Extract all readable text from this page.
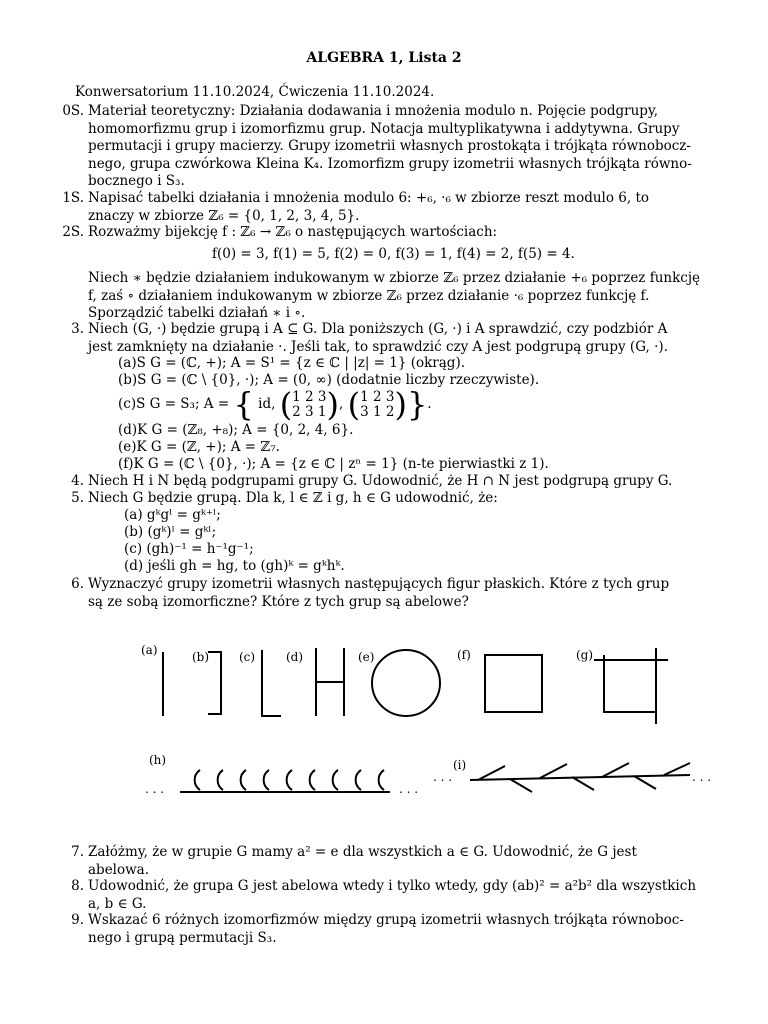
ALGEBRA 1, Lista 2
Konwersatorium 11.10.2024, Ćwiczenia 11.10.2024.
0S. Materiał teoretyczny: Działania dodawania i mnożenia modulo n. Pojęcie podgrupy,
homomorfizmu grup i izomorfizmu grup. Notacja multyplikatywna i addytywna. Grupy
permutacji i grupy macierzy. Grupy izometrii własnych prostokąta i trójkąta równobocz-
nego, grupa czwórkowa Kleina K₄. Izomorfizm grupy izometrii własnych trójkąta równo-
bocznego i S₃.
1S. Napisać tabelki działania i mnożenia modulo 6: +₆, ·₆ w zbiorze reszt modulo 6, to
znaczy w zbiorze ℤ₆ = {0, 1, 2, 3, 4, 5}.
2S. Rozważmy bijekcję f : ℤ₆ → ℤ₆ o następujących wartościach:
f(0) = 3, f(1) = 5, f(2) = 0, f(3) = 1, f(4) = 2, f(5) = 4.
Niech ∗ będzie działaniem indukowanym w zbiorze ℤ₆ przez działanie +₆ poprzez funkcję
f, zaś ∘ działaniem indukowanym w zbiorze ℤ₆ przez działanie ·₆ poprzez funkcję f.
Sporządzić tabelki działań ∗ i ∘.
3. Niech (G, ·) będzie grupą i A ⊆ G. Dla poniższych (G, ·) i A sprawdzić, czy podzbiór A
jest zamknięty na działanie ·. Jeśli tak, to sprawdzić czy A jest podgrupą grupy (G, ·).
(a)S G = (ℂ, +); A = S¹ = {z ∈ ℂ | |z| = 1} (okrąg).
(b)S G = (ℂ \ {0}, ·); A = (0, ∞) (dodatnie liczby rzeczywiste).
(c)S G = S₃; A = { id, ( 1 2 3
2 3 1 ), ( 1 2 3
3 1 2 )}.
(d)K G = (ℤ₈, +₈); A = {0, 2, 4, 6}.
(e)K G = (ℤ, +); A = ℤ₇.
(f)K G = (ℂ \ {0}, ·); A = {z ∈ ℂ | zⁿ = 1} (n-te pierwiastki z 1).
4. Niech H i N będą podgrupami grupy G. Udowodnić, że H ∩ N jest podgrupą grupy G.
5. Niech G będzie grupą. Dla k, l ∈ ℤ i g, h ∈ G udowodnić, że:
(a) gᵏgˡ = gᵏ⁺ˡ;
(b) (gᵏ)ˡ = gᵏˡ;
(c) (gh)⁻¹ = h⁻¹g⁻¹;
(d) jeśli gh = hg, to (gh)ᵏ = gᵏhᵏ.
6. Wyznaczyć grupy izometrii własnych następujących figur płaskich. Które z tych grup
są ze sobą izomorficzne? Które z tych grup są abelowe?
(a)	(b) (c)	(d)	(e)	(f)	(g)
(h)	(i)
. . .	. . .
. . .	. . .
7. Załóżmy, że w grupie G mamy a² = e dla wszystkich a ∈ G. Udowodnić, że G jest
abelowa.
8. Udowodnić, że grupa G jest abelowa wtedy i tylko wtedy, gdy (ab)² = a²b² dla wszystkich
a, b ∈ G.
9. Wskazać 6 różnych izomorfizmów między grupą izometrii własnych trójkąta równoboc-
nego i grupą permutacji S₃.
